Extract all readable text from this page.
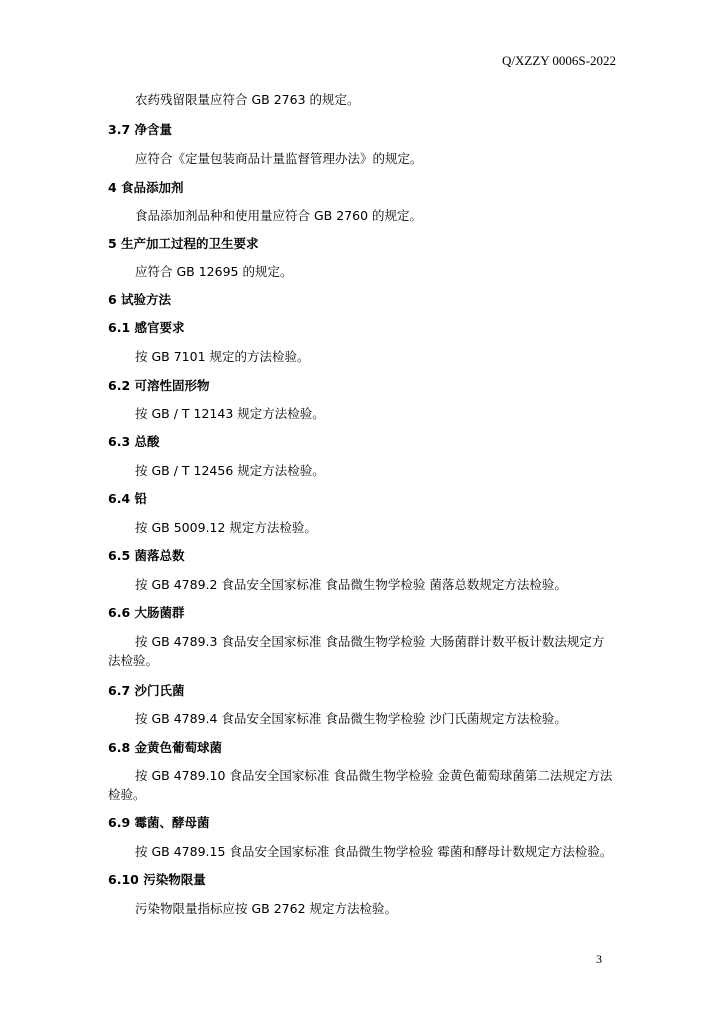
Q/XZZY 0006S-2022
农药残留限量应符合 GB 2763 的规定。
3.7 净含量
应符合《定量包装商品计量监督管理办法》的规定。
4 食品添加剂
食品添加剂品种和使用量应符合 GB 2760 的规定。
5 生产加工过程的卫生要求
应符合 GB 12695 的规定。
6 试验方法
6.1 感官要求
按 GB 7101 规定的方法检验。
6.2 可溶性固形物
按 GB / T 12143 规定方法检验。
6.3 总酸
按 GB / T 12456 规定方法检验。
6.4 铅
按 GB 5009.12 规定方法检验。
6.5 菌落总数
按 GB 4789.2 食品安全国家标准 食品微生物学检验 菌落总数规定方法检验。
6.6 大肠菌群
按 GB 4789.3 食品安全国家标准 食品微生物学检验 大肠菌群计数平板计数法规定方
法检验。
6.7 沙门氏菌
按 GB 4789.4 食品安全国家标准 食品微生物学检验 沙门氏菌规定方法检验。
6.8 金黄色葡萄球菌
按 GB 4789.10 食品安全国家标准 食品微生物学检验 金黄色葡萄球菌第二法规定方法
检验。
6.9 霉菌、酵母菌
按 GB 4789.15 食品安全国家标准 食品微生物学检验 霉菌和酵母计数规定方法检验。
6.10 污染物限量
污染物限量指标应按 GB 2762 规定方法检验。
3
